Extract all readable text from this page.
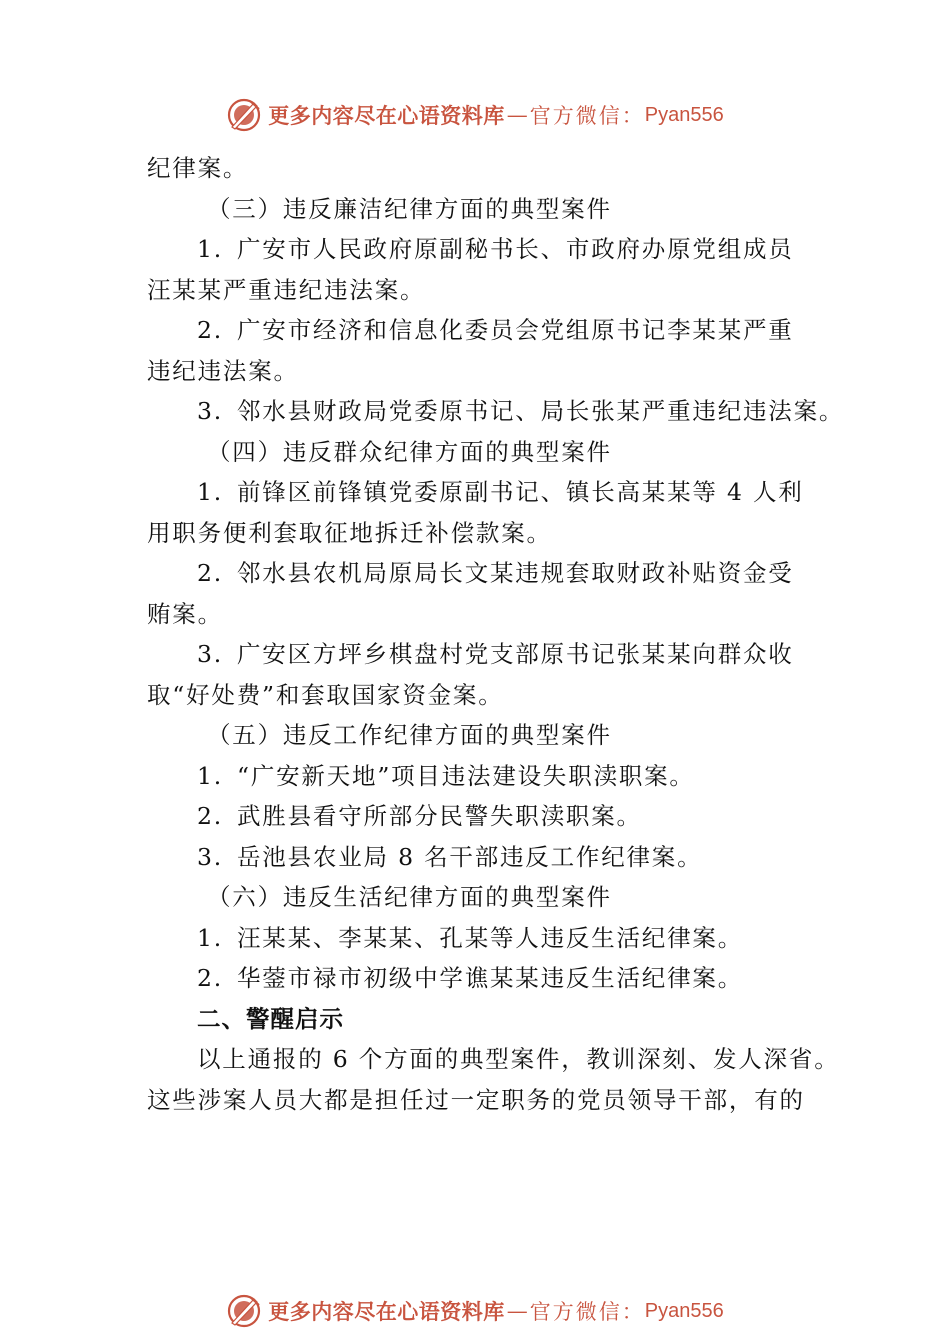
更多内容尽在心语资料库 — 官方微信： Pyan556
纪律案。
（三）违反廉洁纪律方面的典型案件
1. 广安市人民政府原副秘书长、市政府办原党组成员
汪某某严重违纪违法案。
2. 广安市经济和信息化委员会党组原书记李某某严重
违纪违法案。
3. 邻水县财政局党委原书记、局长张某严重违纪违法案。
（四）违反群众纪律方面的典型案件
1. 前锋区前锋镇党委原副书记、镇长高某某等 4 人利
用职务便利套取征地拆迁补偿款案。
2. 邻水县农机局原局长文某违规套取财政补贴资金受
贿案。
3. 广安区方坪乡棋盘村党支部原书记张某某向群众收
取“好处费”和套取国家资金案。
（五）违反工作纪律方面的典型案件
1. “广安新天地”项目违法建设失职渎职案。
2. 武胜县看守所部分民警失职渎职案。
3. 岳池县农业局 8 名干部违反工作纪律案。
（六）违反生活纪律方面的典型案件
1. 汪某某、李某某、孔某等人违反生活纪律案。
2. 华蓥市禄市初级中学谯某某违反生活纪律案。
二、警醒启示
以上通报的 6 个方面的典型案件，教训深刻、发人深省。
这些涉案人员大都是担任过一定职务的党员领导干部，有的
更多内容尽在心语资料库 — 官方微信： Pyan556
